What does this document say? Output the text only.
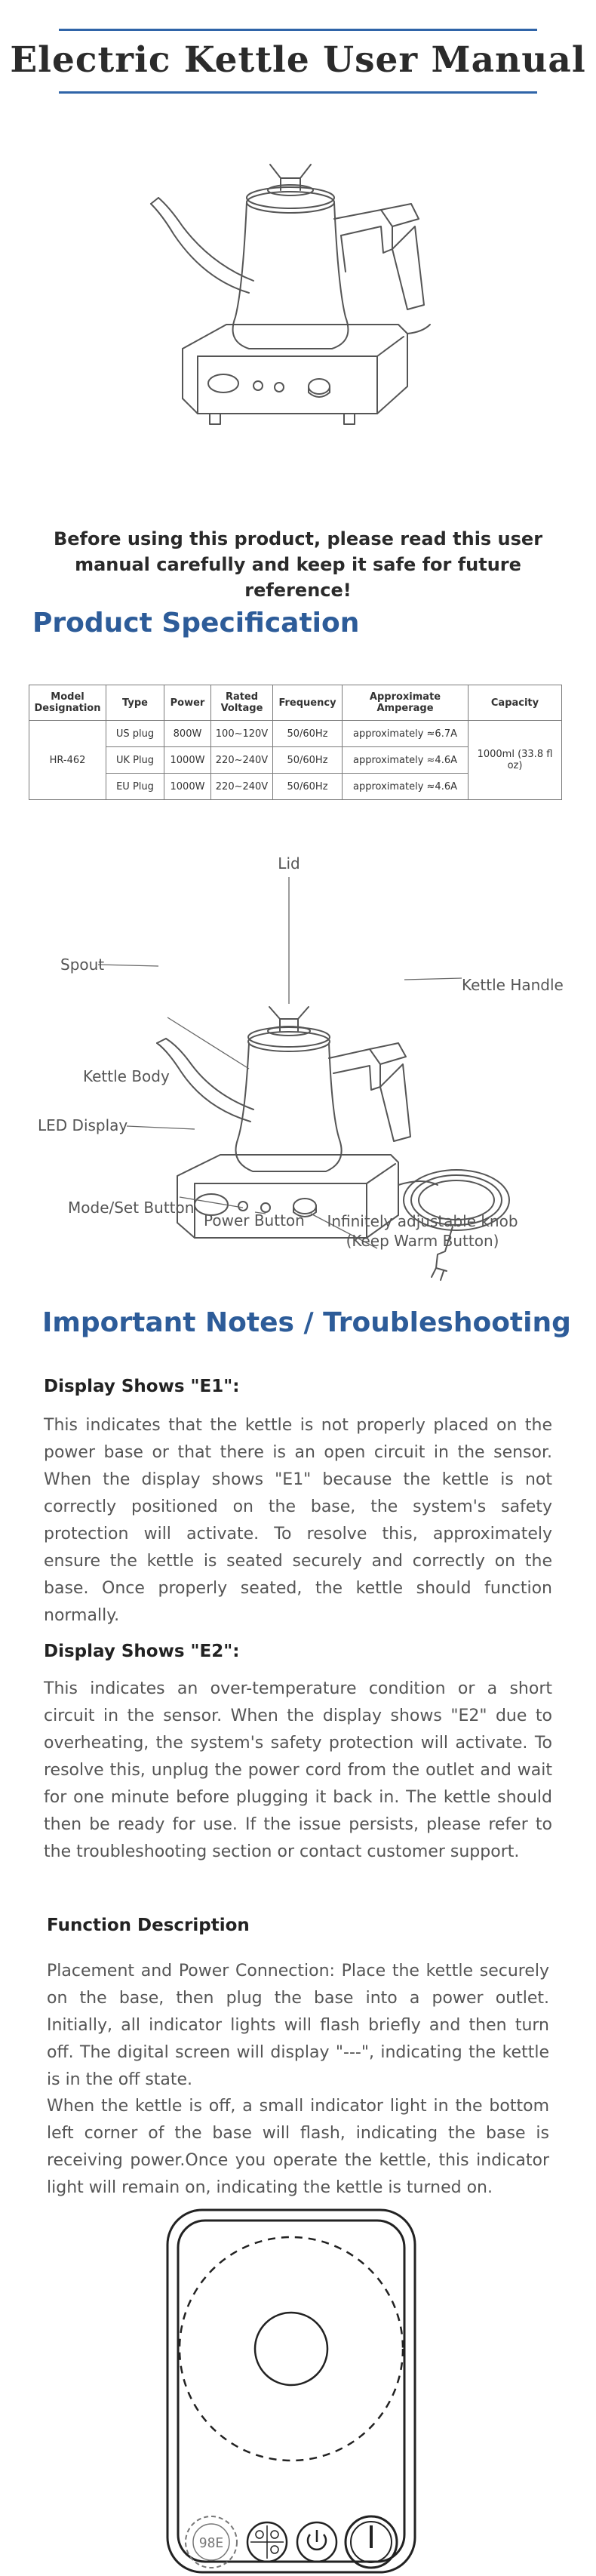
Electric Kettle User Manual
Before using this product, please read this user manual carefully and keep it safe for future reference!
Product Specification
Model Designation	Type	Power	Rated Voltage	Frequency	Approximate Amperage	Capacity
HR-462	US plug	800W	100~120V	50/60Hz	approximately ≈6.7A	1000ml (33.8 fl oz)
	UK Plug	1000W	220~240V	50/60Hz	approximately ≈4.6A	
	EU Plug	1000W	220~240V	50/60Hz	approximately ≈4.6A	
Lid
Spout
Kettle Handle
Kettle Body
LED Display
Mode/Set Button
Power Button	Infinitely adjustable knob
(Keep Warm Button)
Important Notes / Troubleshooting
Display Shows "E1":
This indicates that the kettle is not properly placed on the power base or that there is an open circuit in the sensor. When the display shows "E1" because the kettle is not correctly positioned on the base, the system's safety protection will activate. To resolve this, approximately ensure the kettle is seated securely and correctly on the base. Once properly seated, the kettle should function normally.
Display Shows "E2":
This indicates an over-temperature condition or a short circuit in the sensor. When the display shows "E2" due to overheating, the system's safety protection will activate. To resolve this, unplug the power cord from the outlet and wait for one minute before plugging it back in. The kettle should then be ready for use. If the issue persists, please refer to the troubleshooting section or contact customer support.
Function Description
Placement and Power Connection: Place the kettle securely on the base, then plug the base into a power outlet. Initially, all indicator lights will flash briefly and then turn off. The digital screen will display "---", indicating the kettle is in the off state.
When the kettle is off, a small indicator light in the bottom left corner of the base will flash, indicating the base is receiving power.Once you operate the kettle, this indicator light will remain on, indicating the kettle is turned on.
98E
